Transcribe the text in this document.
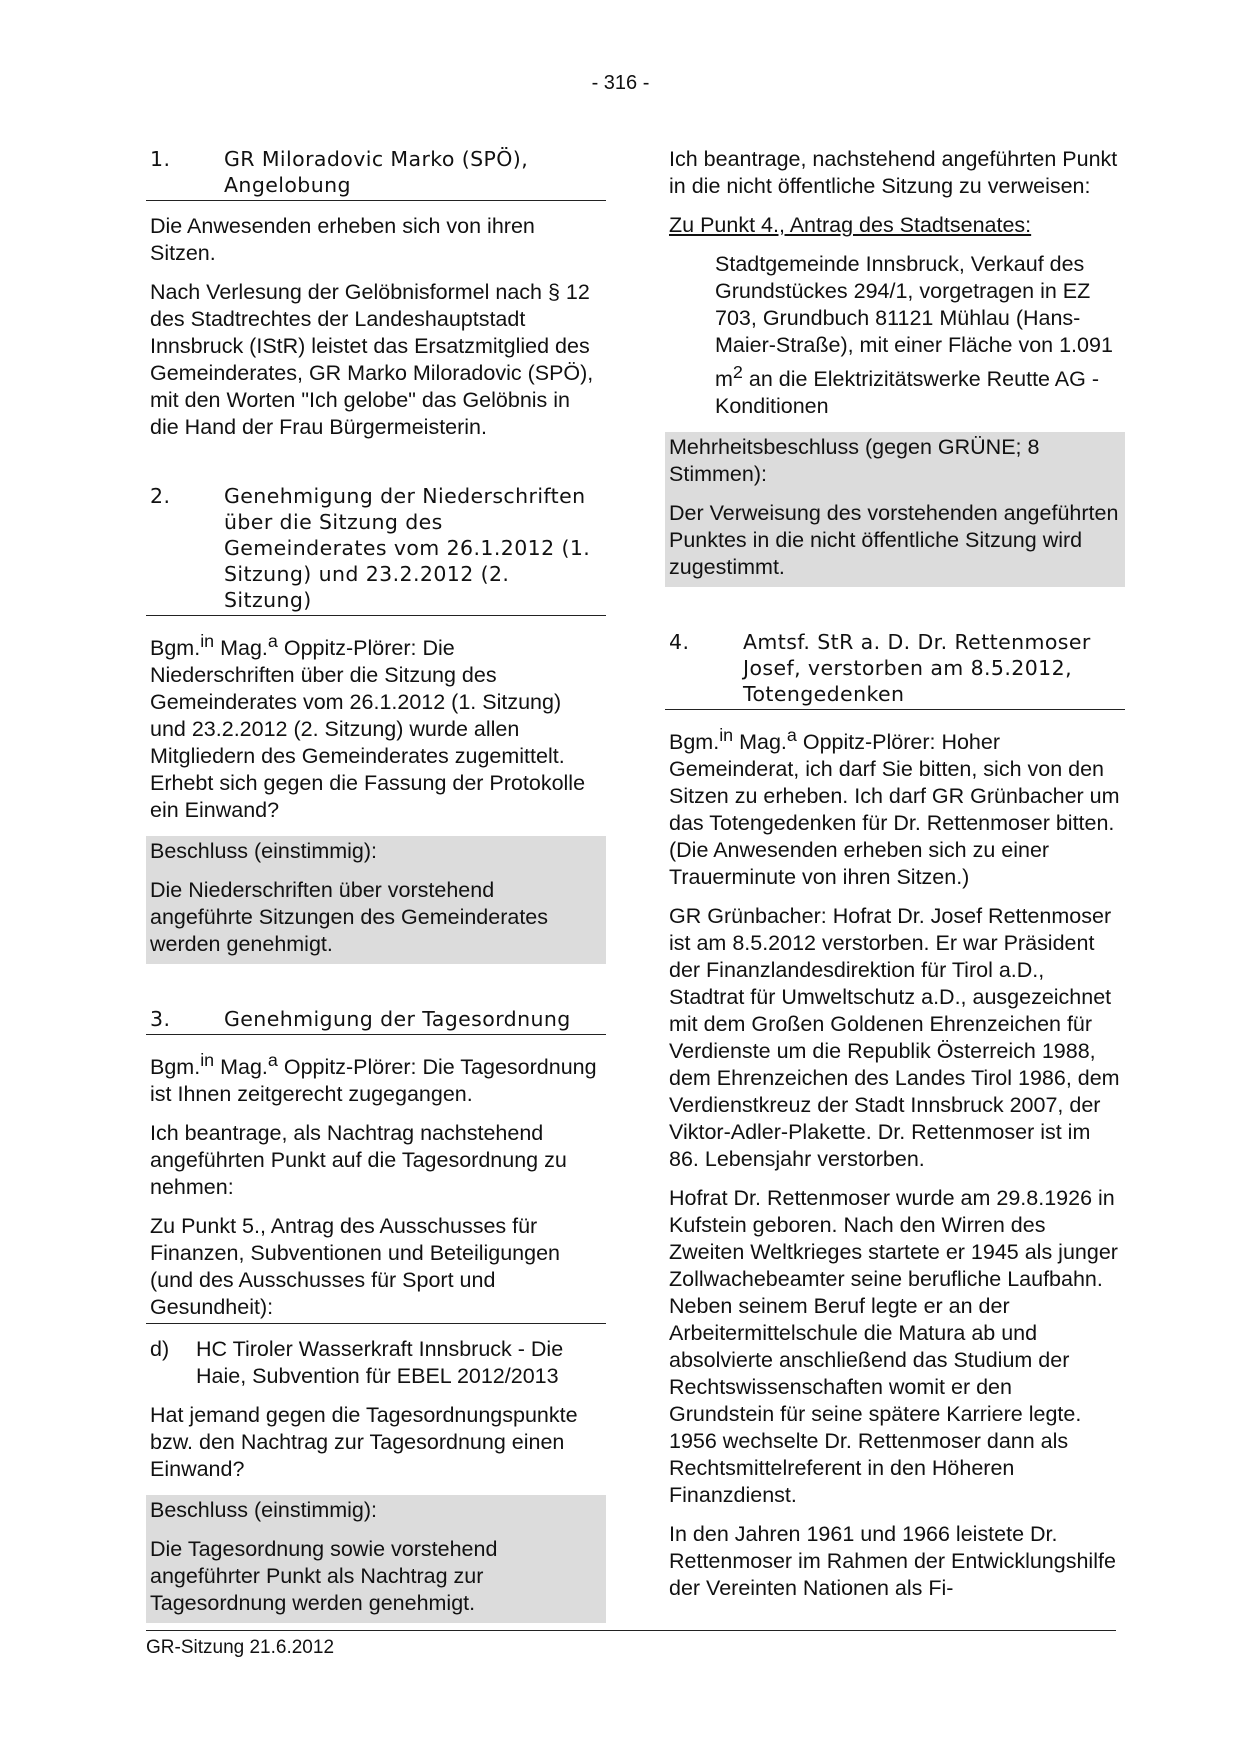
- 316 -
1.	GR Miloradovic Marko (SPÖ), Angelobung

Die Anwesenden erheben sich von ihren Sitzen.

Nach Verlesung der Gelöbnisformel nach § 12 des Stadtrechtes der Landeshauptstadt Innsbruck (IStR) leistet das Ersatzmitglied des Gemeinderates, GR Marko Miloradovic (SPÖ), mit den Worten "Ich gelobe" das Gelöbnis in die Hand der Frau Bürgermeisterin.

2.	Genehmigung der Niederschriften über die Sitzung des Gemeinderates vom 26.1.2012 (1. Sitzung) und 23.2.2012 (2. Sitzung)

Bgm.$^{in}$ Mag.$^a$ Oppitz-Plörer: Die Niederschriften über die Sitzung des Gemeinderates vom 26.1.2012 (1. Sitzung) und 23.2.2012 (2. Sitzung) wurde allen Mitgliedern des Gemeinderates zugemittelt. Erhebt sich gegen die Fassung der Protokolle ein Einwand?

Beschluss (einstimmig):

Die Niederschriften über vorstehend angeführte Sitzungen des Gemeinderates werden genehmigt.

3.	Genehmigung der Tagesordnung

Bgm.$^{in}$ Mag.$^a$ Oppitz-Plörer: Die Tagesordnung ist Ihnen zeitgerecht zugegangen.

Ich beantrage, als Nachtrag nachstehend angeführten Punkt auf die Tagesordnung zu nehmen:

Zu Punkt 5., Antrag des Ausschusses für Finanzen, Subventionen und Beteiligungen (und des Ausschusses für Sport und Gesundheit):

d)	HC Tiroler Wasserkraft Innsbruck - Die Haie, Subvention für EBEL 2012/2013

Hat jemand gegen die Tagesordnungspunkte bzw. den Nachtrag zur Tagesordnung einen Einwand?

Beschluss (einstimmig):

Die Tagesordnung sowie vorstehend angeführter Punkt als Nachtrag zur Tagesordnung werden genehmigt.

Ich beantrage, nachstehend angeführten Punkt in die nicht öffentliche Sitzung zu verweisen:

Zu Punkt 4., Antrag des Stadtsenates:

Stadtgemeinde Innsbruck, Verkauf des Grundstückes 294/1, vorgetragen in EZ 703, Grundbuch 81121 Mühlau (Hans-Maier-Straße), mit einer Fläche von 1.091 $m^2$ an die Elektrizitätswerke Reutte AG - Konditionen

Mehrheitsbeschluss (gegen GRÜNE; 8 Stimmen):

Der Verweisung des vorstehenden angeführten Punktes in die nicht öffentliche Sitzung wird zugestimmt.

4.	Amtsf. StR a. D. Dr. Rettenmoser Josef, verstorben am 8.5.2012, Totengedenken

Bgm.$^{in}$ Mag.$^a$ Oppitz-Plörer: Hoher Gemeinderat, ich darf Sie bitten, sich von den Sitzen zu erheben. Ich darf GR Grünbacher um das Totengedenken für Dr. Rettenmoser bitten. (Die Anwesenden erheben sich zu einer Trauerminute von ihren Sitzen.)

GR Grünbacher: Hofrat Dr. Josef Rettenmoser ist am 8.5.2012 verstorben. Er war Präsident der Finanzlandesdirektion für Tirol a.D., Stadtrat für Umweltschutz a.D., ausgezeichnet mit dem Großen Goldenen Ehrenzeichen für Verdienste um die Republik Österreich 1988, dem Ehrenzeichen des Landes Tirol 1986, dem Verdienstkreuz der Stadt Innsbruck 2007, der Viktor-Adler-Plakette. Dr. Rettenmoser ist im 86. Lebensjahr verstorben.

Hofrat Dr. Rettenmoser wurde am 29.8.1926 in Kufstein geboren. Nach den Wirren des Zweiten Weltkrieges startete er 1945 als junger Zollwachebeamter seine berufliche Laufbahn. Neben seinem Beruf legte er an der Arbeitermittelschule die Matura ab und absolvierte anschließend das Studium der Rechtswissenschaften womit er den Grundstein für seine spätere Karriere legte. 1956 wechselte Dr. Rettenmoser dann als Rechtsmittelreferent in den Höheren Finanzdienst.

In den Jahren 1961 und 1966 leistete Dr. Rettenmoser im Rahmen der Entwicklungshilfe der Vereinten Nationen als Fi-

GR-Sitzung 21.6.2012
